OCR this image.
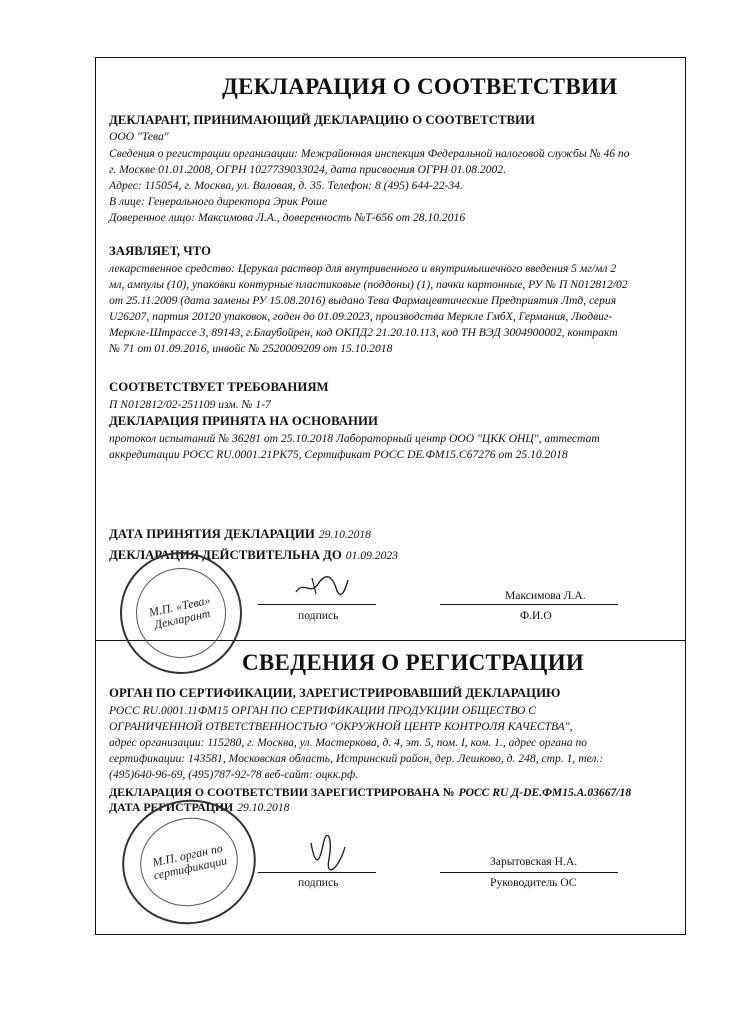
ДЕКЛАРАЦИЯ О СООТВЕТСТВИИ
ДЕКЛАРАНТ, ПРИНИМАЮЩИЙ ДЕКЛАРАЦИЮ О СООТВЕТСТВИИ
ООО "Тева"
Сведения о регистрации организации: Межрайонная инспекция Федеральной налоговой службы № 46 по
г. Москве 01.01.2008, ОГРН 1027739033024, дата присвоения ОГРН 01.08.2002.
Адрес: 115054, г. Москва, ул. Валовая, д. 35. Телефон: 8 (495) 644-22-34.
В лице: Генерального директора Эрик Роше
Доверенное лицо: Максимова Л.А., доверенность №Т-656 от 28.10.2016
ЗАЯВЛЯЕТ, ЧТО
лекарственное средство: Церукал раствор для внутривенного и внутримышечного введения 5 мг/мл 2
мл, ампулы (10), упаковки контурные пластиковые (поддоны) (1), пачки картонные, РУ № П N012812/02
от 25.11.2009 (дата замены РУ 15.08.2016) выдано Тева Фармацевтические Предприятия Лтд, серия
U26207, партия 20120 упаковок, годен до 01.09.2023, производства Меркле ГмбХ, Германия, Людвиг-
Меркле-Штрассе 3, 89143, г.Блаубойрен, код ОКПД2 21.20.10.113, код ТН ВЭД 3004900002, контракт
№ 71 от 01.09.2016, инвойс № 2520009209 от 15.10.2018
СООТВЕТСТВУЕТ ТРЕБОВАНИЯМ
П N012812/02-251109 изм. № 1-7
ДЕКЛАРАЦИЯ ПРИНЯТА НА ОСНОВАНИИ
протокол испытаний № 36281 от 25.10.2018 Лабораторный центр ООО "ЦКК ОНЦ", аттестат
аккредитации РОСС RU.0001.21РК75, Сертификат РОСС DE.ФМ15.С67276 от 25.10.2018
ДАТА ПРИНЯТИЯ ДЕКЛАРАЦИИ 29.10.2018
ДЕКЛАРАЦИЯ ДЕЙСТВИТЕЛЬНА ДО 01.09.2023
М.П. «Тева» Декларант	подпись
Максимова Л.А.
Ф.И.О
СВЕДЕНИЯ О РЕГИСТРАЦИИ
ОРГАН ПО СЕРТИФИКАЦИИ, ЗАРЕГИСТРИРОВАВШИЙ ДЕКЛАРАЦИЮ
РОСС RU.0001.11ФМ15 ОРГАН ПО СЕРТИФИКАЦИИ ПРОДУКЦИИ ОБЩЕСТВО С
ОГРАНИЧЕННОЙ ОТВЕТСТВЕННОСТЬЮ "ОКРУЖНОЙ ЦЕНТР КОНТРОЛЯ КАЧЕСТВА",
адрес организации: 115280, г. Москва, ул. Мастеркова, д. 4, эт. 5, пом. I, ком. 1., адрес органа по
сертификации: 143581, Московская область, Истринский район, дер. Лешково, д. 248, стр. 1, тел.:
(495)640-96-69, (495)787-92-78 веб-сайт: оцкк.рф.
ДЕКЛАРАЦИЯ О СООТВЕТСТВИИ ЗАРЕГИСТРИРОВАНА № РОСС RU Д-DE.ФМ15.А.03667/18
ДАТА РЕГИСТРАЦИИ 29.10.2018
М.П. орган по сертификации
подпись
Зарытовская Н.А.
Руководитель ОС
